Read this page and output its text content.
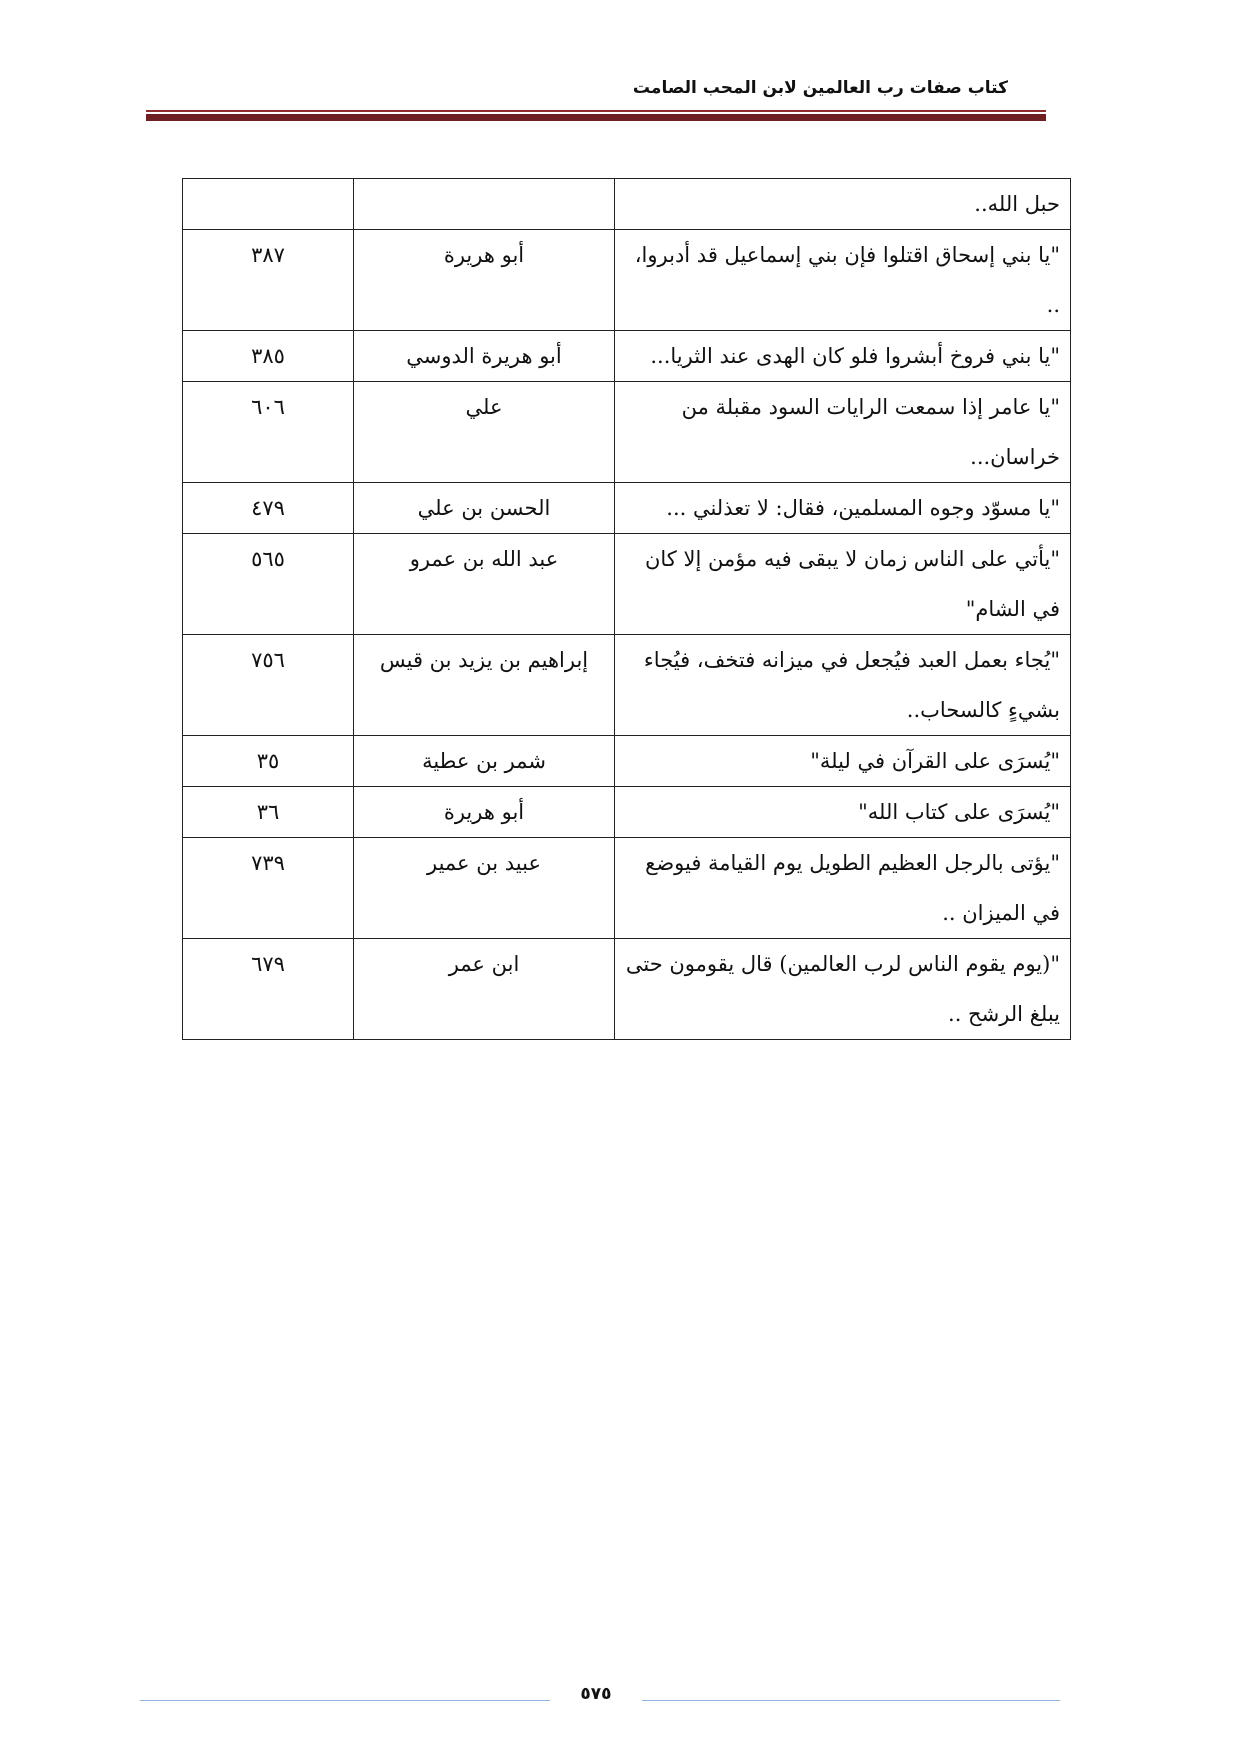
كتاب صفات رب العالمين لابن المحب الصامت
حبل الله..		
"يا بني إسحاق اقتلوا فإن بني إسماعيل قد أدبروا، ..	أبو هريرة	٣٨٧
"يا بني فروخ أبشروا فلو كان الهدى عند الثريا...	أبو هريرة الدوسي	٣٨٥
"يا عامر إذا سمعت الرايات السود مقبلة من خراسان...	علي	٦٠٦
"يا مسوّد وجوه المسلمين، فقال: لا تعذلني ...	الحسن بن علي	٤٧٩
"يأتي على الناس زمان لا يبقى فيه مؤمن إلا كان في الشام"	عبد الله بن عمرو	٥٦٥
"يُجاء بعمل العبد فيُجعل في ميزانه فتخف، فيُجاء بشيءٍ كالسحاب..	إبراهيم بن يزيد بن قيس	٧٥٦
"يُسرَى على القرآن في ليلة"	شمر بن عطية	٣٥
"يُسرَى على كتاب الله"	أبو هريرة	٣٦
"يؤتى بالرجل العظيم الطويل يوم القيامة فيوضع في الميزان ..	عبيد بن عمير	٧٣٩
"(يوم يقوم الناس لرب العالمين) قال يقومون حتى يبلغ الرشح ..	ابن عمر	٦٧٩
٥٧٥
